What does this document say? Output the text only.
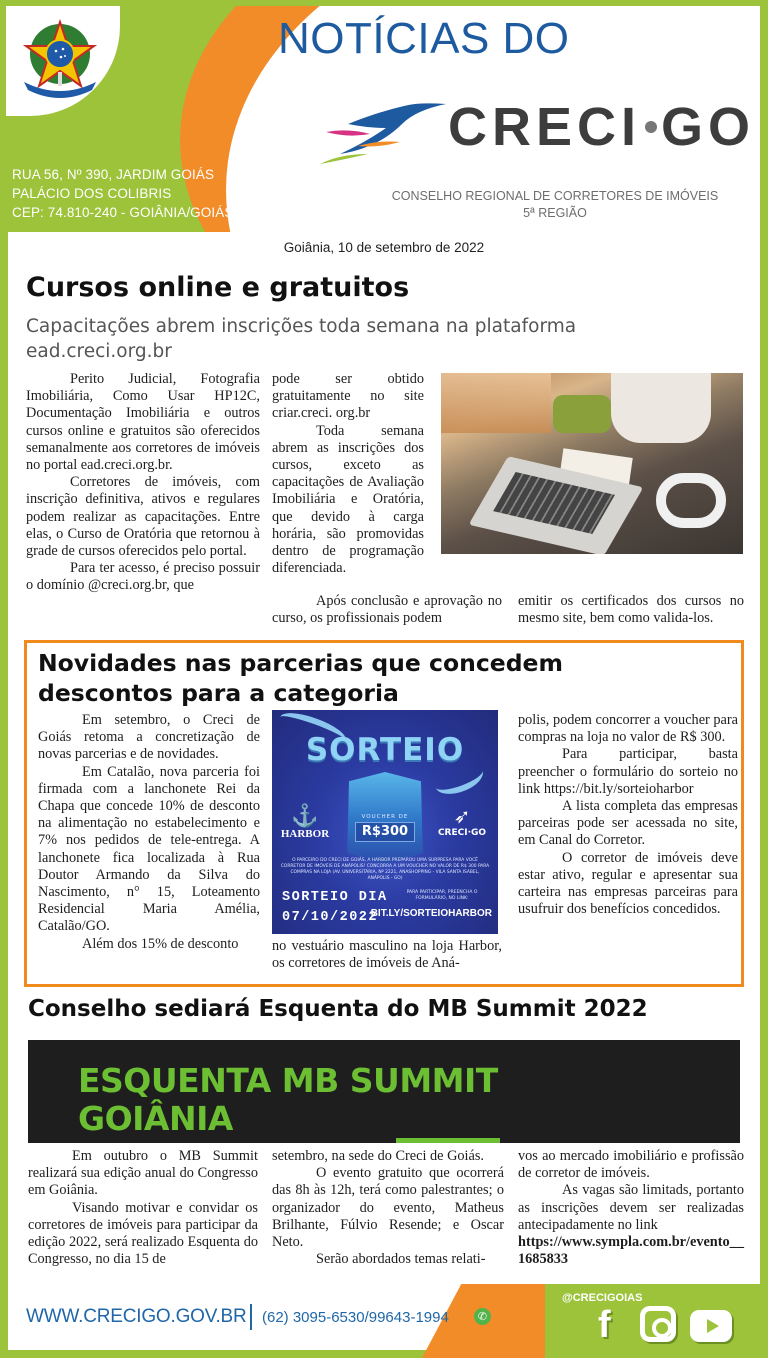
RUA 56, Nº 390, JARDIM GOIÁS
PALÁCIO DOS COLIBRIS
CEP: 74.810-240 - GOIÂNIA/GOIÁS
NOTÍCIAS DO
CRECI GO
CONSELHO REGIONAL DE CORRETORES DE IMÓVEIS
5ª REGIÃO
Goiânia, 10 de setembro de 2022
Cursos online e gratuitos
Capacitações abrem inscrições toda semana na plataforma
ead.creci.org.br

Perito Judicial, Fotografia Imobiliária, Como Usar HP12C, Documentação Imobiliária e outros cursos online e gratuitos são oferecidos semanalmente aos corretores de imóveis no portal ead.creci.org.br.

Corretores de imóveis, com inscrição definitiva, ativos e regulares podem realizar as capacitações. Entre elas, o Curso de Oratória que retornou à grade de cursos oferecidos pelo portal.

Para ter acesso, é preciso possuir o domínio @creci.org.br, que

pode ser obtido gratuitamente no site criar.creci. org.br

Toda semana abrem as inscrições dos cursos, exceto as capacitações de Avaliação Imobiliária e Oratória, que devido à carga horária, são promovidas dentro de programação diferenciada.

Após conclusão e aprovação no curso, os profissionais podem

emitir os certificados dos cursos no mesmo site, bem como valida-los.

Novidades nas parcerias que concedem
descontos para a categoria

Em setembro, o Creci de Goiás retoma a concretização de novas parcerias e de novidades.

Em Catalão, nova parceria foi firmada com a lanchonete Rei da Chapa que concede 10% de desconto na alimentação no estabelecimento e 7% nos pedidos de tele-entrega. A lanchonete fica localizada à Rua Doutor Armando da Silva do Nascimento, n° 15, Loteamento Residencial Maria Amélia, Catalão/GO.

Além dos 15% de desconto

SORTEIO
VOUCHER DE
R$300
⚓
HARBOR
➶
CRECI·GO
O PARCEIRO DO CRECI DE GOIÁS, A HARBOR PREPAROU UMA SURPRESA PARA VOCÊ CORRETOR DE IMÓVEIS DE ANÁPOLIS! CONCORRA A UM VOUCHER NO VALOR DE R$ 300 PARA COMPRAS NA LOJA (AV. UNIVERSITÁRIA, Nº 2221, ANASHOPPING - VILA SANTA ISABEL, ANÁPOLIS - GO)
SORTEIO DIA
07/10/2022
PARA PARTICIPAR, PREENCHA O FORMULÁRIO, NO LINK:
BIT.LY/SORTEIOHARBOR

no vestuário masculino na loja Harbor, os corretores de imóveis de Aná-

polis, podem concorrer a voucher para compras na loja no valor de R$ 300.

Para participar, basta preencher o formulário do sorteio no link https://bit.ly/sorteioharbor

A lista completa das empresas parceiras pode ser acessada no site, em Canal do Corretor.

O corretor de imóveis deve estar ativo, regular e apresentar sua carteira nas empresas parceiras para usufruir dos benefícios concedidos.

Conselho sediará Esquenta do MB Summit 2022
ESQUENTA MB SUMMIT
GOIÂNIA

Em outubro o MB Summit realizará sua edição anual do Congresso em Goiânia.

Visando motivar e convidar os corretores de imóveis para participar da edição 2022, será realizado Esquenta do Congresso, no dia 15 de

setembro, na sede do Creci de Goiás.

O evento gratuito que ocorrerá das 8h às 12h, terá como palestrantes; o organizador do evento, Matheus Brilhante, Fúlvio Resende; e Oscar Neto.

Serão abordados temas relati-

vos ao mercado imobiliário e profissão de corretor de imóveis.

As vagas são limitads, portanto as inscrições devem ser realizadas antecipadamente no link

https://www.sympla.com.br/evento__1685833

WWW.CRECIGO.GOV.BR (62) 3095-6530/99643-1994	✆
@CRECIGOIAS
f
